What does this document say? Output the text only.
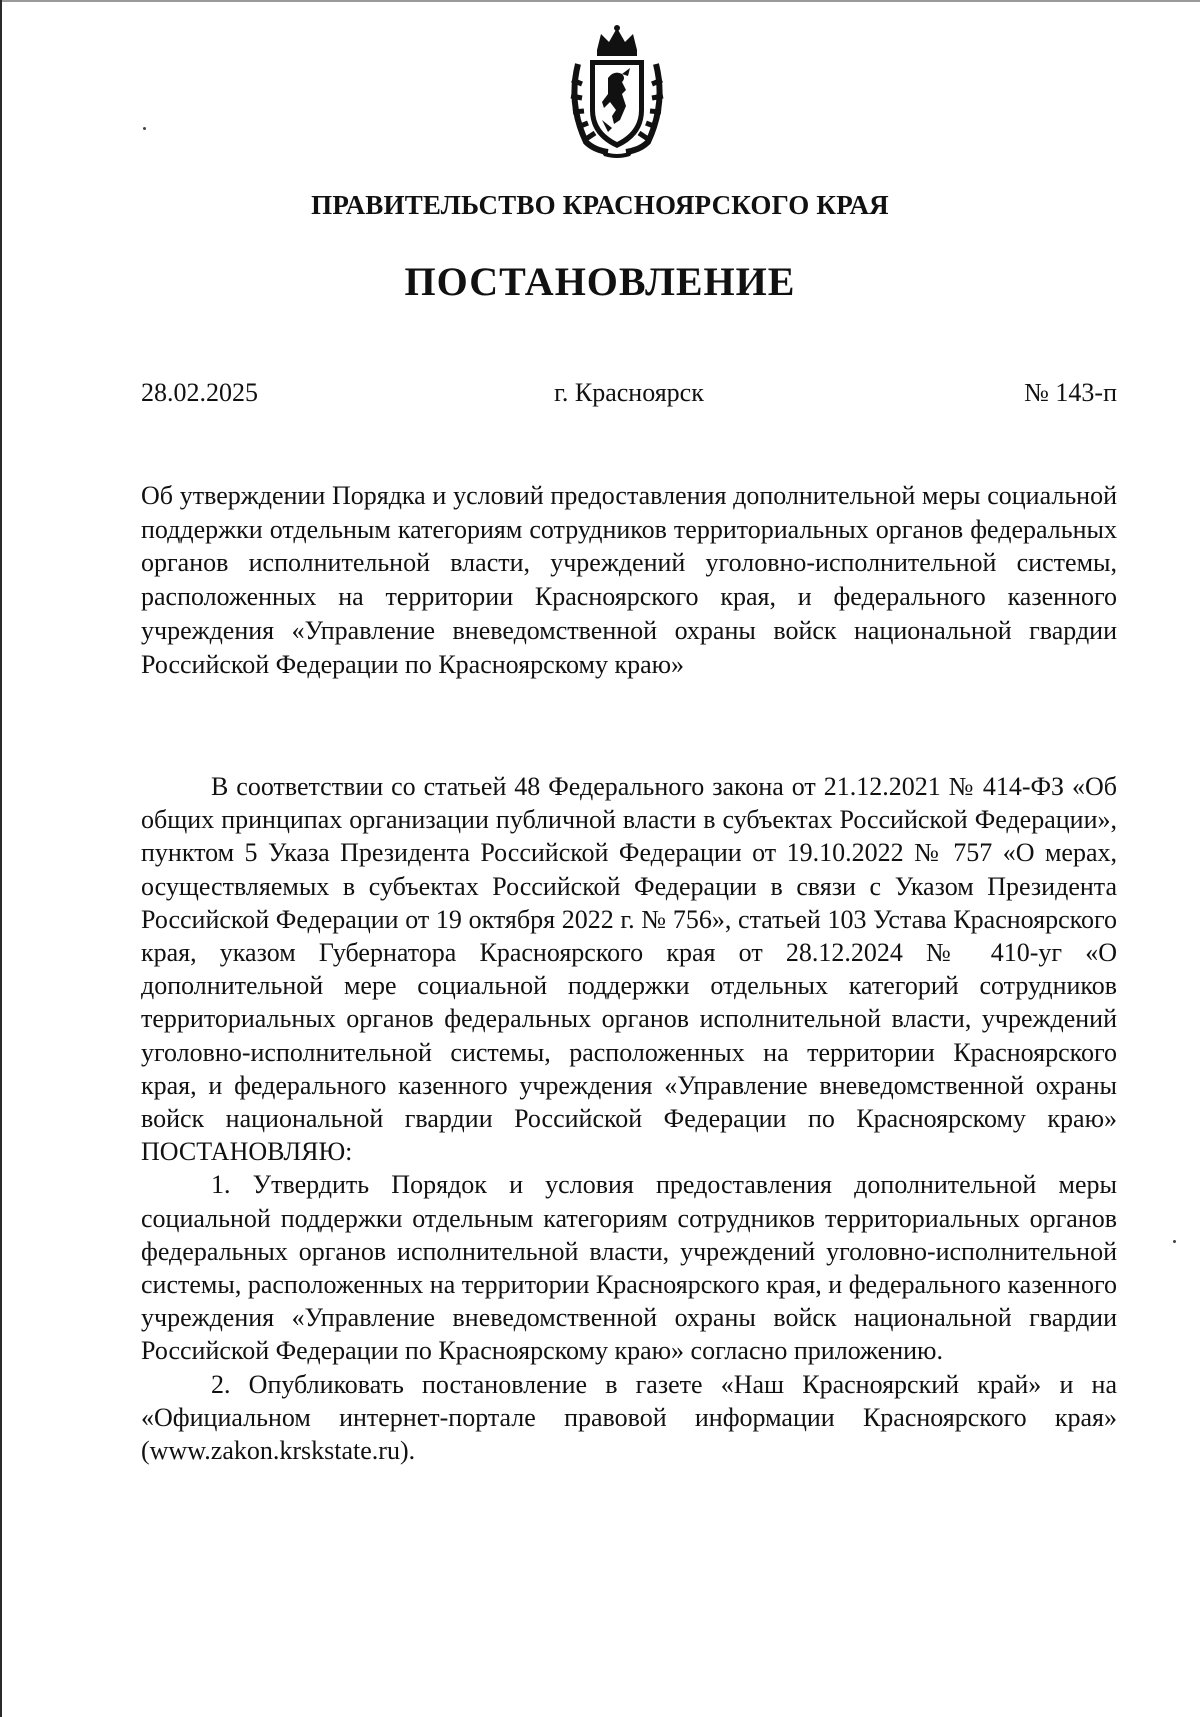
ПРАВИТЕЛЬСТВО КРАСНОЯРСКОГО КРАЯ
ПОСТАНОВЛЕНИЕ
28.02.2025	г. Красноярск	№ 143-п
Об утверждении Порядка и условий предоставления дополнительной меры социальной поддержки отдельным категориям сотрудников территориальных органов федеральных органов исполнительной власти, учреждений уголовно-исполнительной системы, расположенных на территории Красноярского края, и федерального казенного учреждения «Управление вневедомственной охраны войск национальной гвардии Российской Федерации по Красноярскому краю»

В соответствии со статьей 48 Федерального закона от 21.12.2021 № 414-ФЗ «Об общих принципах организации публичной власти в субъектах Российской Федерации», пунктом 5 Указа Президента Российской Федерации от 19.10.2022 № 757 «О мерах, осуществляемых в субъектах Российской Федерации в связи с Указом Президента Российской Федерации от 19 октября 2022 г. № 756», статьей 103 Устава Красноярского края, указом Губернатора Красноярского края от 28.12.2024 № 410-уг «О дополнительной мере социальной поддержки отдельных категорий сотрудников территориальных органов федеральных органов исполнительной власти, учреждений уголовно-исполнительной системы, расположенных на территории Красноярского края, и федерального казенного учреждения «Управление вневедомственной охраны войск национальной гвардии Российской Федерации по Красноярскому краю» ПОСТАНОВЛЯЮ:

1. Утвердить Порядок и условия предоставления дополнительной меры социальной поддержки отдельным категориям сотрудников территориальных органов федеральных органов исполнительной власти, учреждений уголовно-исполнительной системы, расположенных на территории Красноярского края, и федерального казенного учреждения «Управление вневедомственной охраны войск национальной гвардии Российской Федерации по Красноярскому краю» согласно приложению.

2. Опубликовать постановление в газете «Наш Красноярский край» и на «Официальном интернет-портале правовой информации Красноярского края» (www.zakon.krskstate.ru).
